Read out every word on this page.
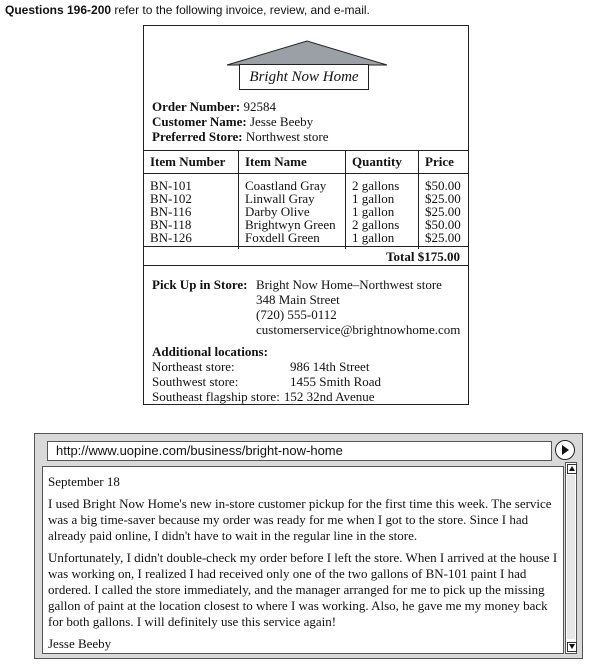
Questions 196-200 refer to the following invoice, review, and e-mail.
Bright Now Home
Order Number: 92584
Customer Name: Jesse Beeby
Preferred Store: Northwest store
Item Number	Item Name	Quantity	Price
BN-101	Coastland Gray	2 gallons	$50.00
BN-102	Linwall Gray	1 gallon	$25.00
BN-116	Darby Olive	1 gallon	$25.00
BN-118	Brightwyn Green	2 gallons	$50.00
BN-126	Foxdell Green	1 gallon	$25.00
Total $175.00
Pick Up in Store: Bright Now Home–Northwest store
348 Main Street
(720) 555-0112
customerservice@brightnowhome.com
Additional locations:
Northeast store:	986 14th Street
Southwest store:	1455 Smith Road
Southeast flagship store: 152 32nd Avenue
http://www.uopine.com/business/bright-now-home

September 18

I used Bright Now Home's new in-store customer pickup for the first time this week. The service was a big time-saver because my order was ready for me when I got to the store. Since I had already paid online, I didn't have to wait in the regular line in the store.

Unfortunately, I didn't double-check my order before I left the store. When I arrived at the house I was working on, I realized I had received only one of the two gallons of BN-101 paint I had ordered. I called the store immediately, and the manager arranged for me to pick up the missing gallon of paint at the location closest to where I was working. Also, he gave me my money back for both gallons. I will definitely use this service again!

Jesse Beeby
